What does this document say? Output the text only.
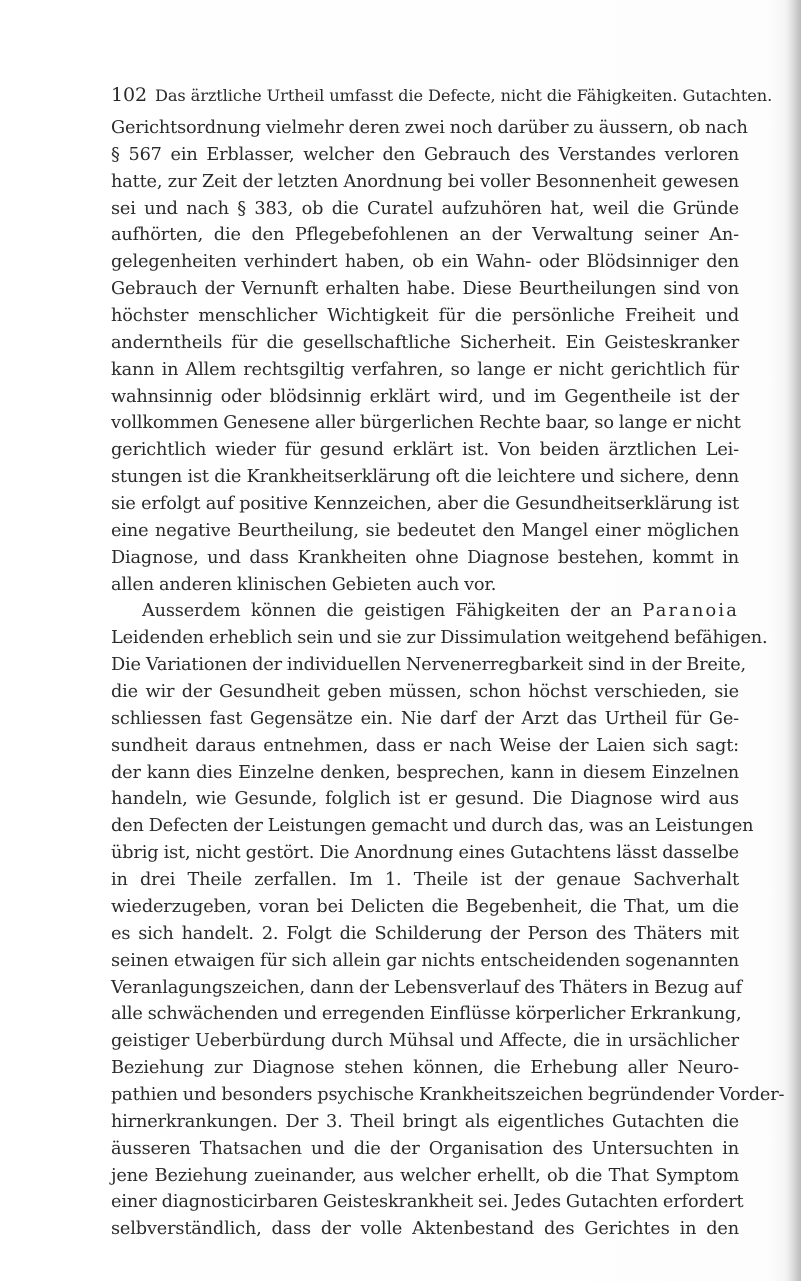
102 Das ärztliche Urtheil umfasst die Defecte, nicht die Fähigkeiten. Gutachten.
Gerichtsordnung vielmehr deren zwei noch darüber zu äussern, ob nach
§ 567 ein Erblasser, welcher den Gebrauch des Verstandes verloren
hatte, zur Zeit der letzten Anordnung bei voller Besonnenheit gewesen
sei und nach § 383, ob die Curatel aufzuhören hat, weil die Gründe
aufhörten, die den Pflegebefohlenen an der Verwaltung seiner An-
gelegenheiten verhindert haben, ob ein Wahn- oder Blödsinniger den
Gebrauch der Vernunft erhalten habe. Diese Beurtheilungen sind von
höchster menschlicher Wichtigkeit für die persönliche Freiheit und
anderntheils für die gesellschaftliche Sicherheit. Ein Geisteskranker
kann in Allem rechtsgiltig verfahren, so lange er nicht gerichtlich für
wahnsinnig oder blödsinnig erklärt wird, und im Gegentheile ist der
vollkommen Genesene aller bürgerlichen Rechte baar, so lange er nicht
gerichtlich wieder für gesund erklärt ist. Von beiden ärztlichen Lei-
stungen ist die Krankheitserklärung oft die leichtere und sichere, denn
sie erfolgt auf positive Kennzeichen, aber die Gesundheitserklärung ist
eine negative Beurtheilung, sie bedeutet den Mangel einer möglichen
Diagnose, und dass Krankheiten ohne Diagnose bestehen, kommt in
allen anderen klinischen Gebieten auch vor.
Ausserdem können die geistigen Fähigkeiten der an Paranoia
Leidenden erheblich sein und sie zur Dissimulation weitgehend befähigen.
Die Variationen der individuellen Nervenerregbarkeit sind in der Breite,
die wir der Gesundheit geben müssen, schon höchst verschieden, sie
schliessen fast Gegensätze ein. Nie darf der Arzt das Urtheil für Ge-
sundheit daraus entnehmen, dass er nach Weise der Laien sich sagt:
der kann dies Einzelne denken, besprechen, kann in diesem Einzelnen
handeln, wie Gesunde, folglich ist er gesund. Die Diagnose wird aus
den Defecten der Leistungen gemacht und durch das, was an Leistungen
übrig ist, nicht gestört. Die Anordnung eines Gutachtens lässt dasselbe
in drei Theile zerfallen. Im 1. Theile ist der genaue Sachverhalt
wiederzugeben, voran bei Delicten die Begebenheit, die That, um die
es sich handelt. 2. Folgt die Schilderung der Person des Thäters mit
seinen etwaigen für sich allein gar nichts entscheidenden sogenannten
Veranlagungszeichen, dann der Lebensverlauf des Thäters in Bezug auf
alle schwächenden und erregenden Einflüsse körperlicher Erkrankung,
geistiger Ueberbürdung durch Mühsal und Affecte, die in ursächlicher
Beziehung zur Diagnose stehen können, die Erhebung aller Neuro-
pathien und besonders psychische Krankheitszeichen begründender Vorder-
hirnerkrankungen. Der 3. Theil bringt als eigentliches Gutachten die
äusseren Thatsachen und die der Organisation des Untersuchten in
jene Beziehung zueinander, aus welcher erhellt, ob die That Symptom
einer diagnosticirbaren Geisteskrankheit sei. Jedes Gutachten erfordert
selbverständlich, dass der volle Aktenbestand des Gerichtes in den
